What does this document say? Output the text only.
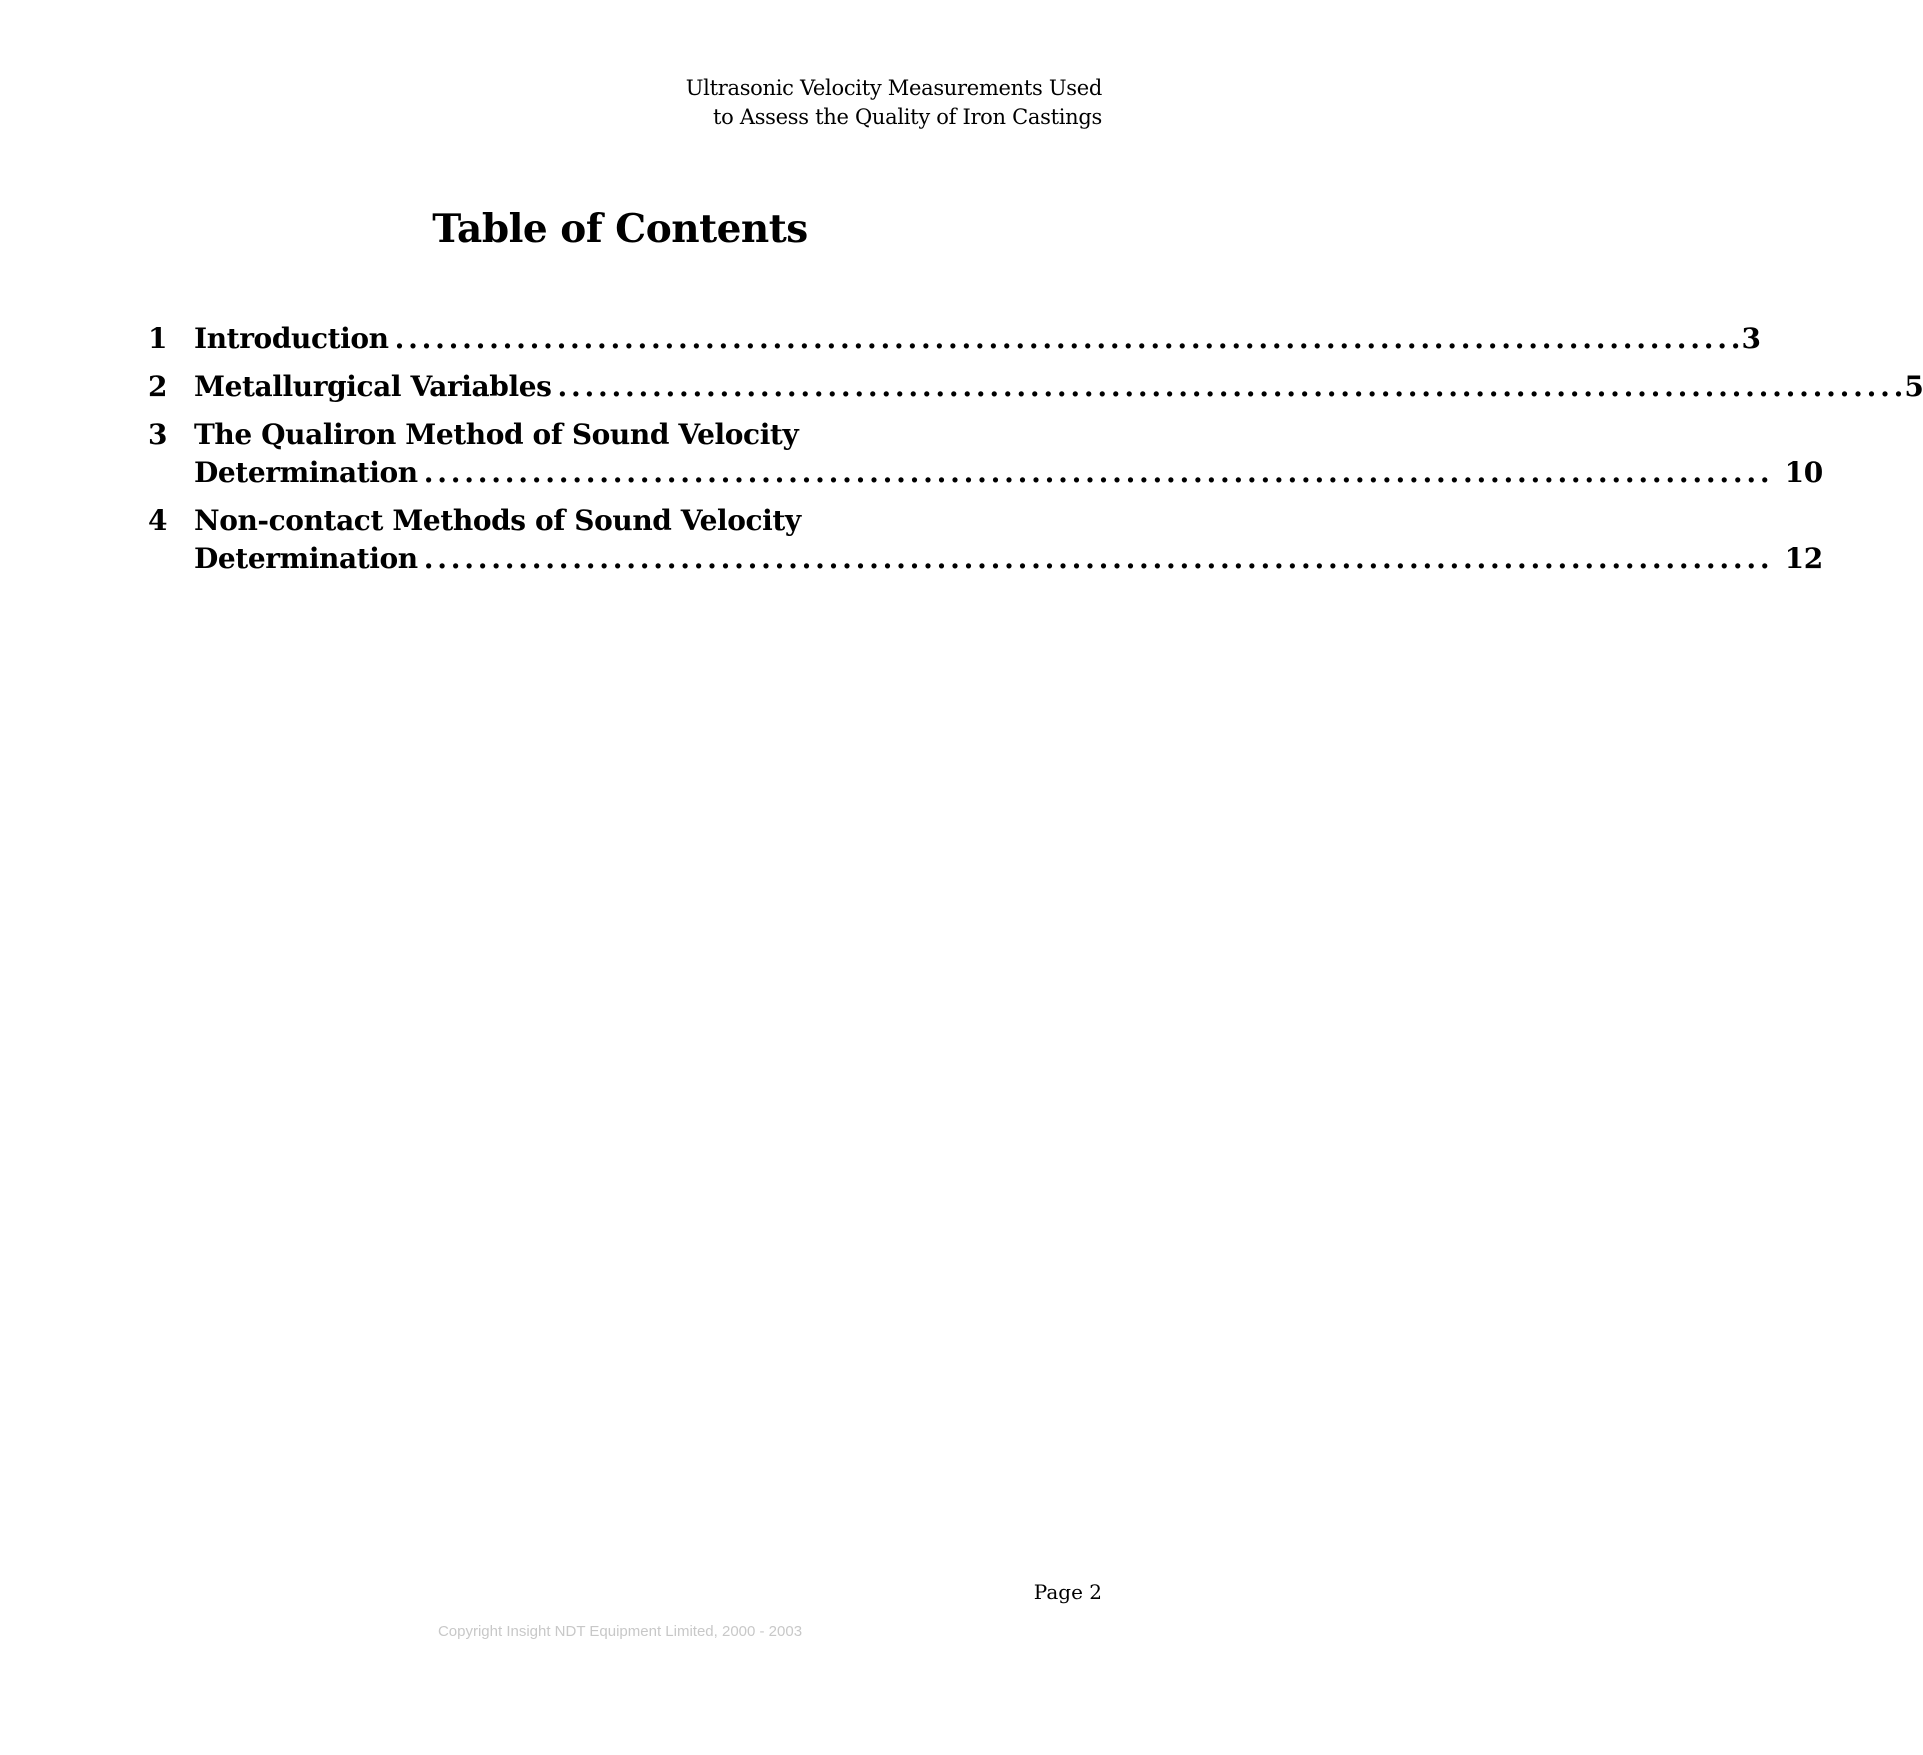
Ultrasonic Velocity Measurements Used
to Assess the Quality of Iron Castings
Table of Contents
1 Introduction . . .	3
2 Metallurgical Variables . . .	5
3 The Qualiron Method of Sound Velocity
Determination . . .	10
4 Non-contact Methods of Sound Velocity
Determination . . .	12
Page 2
Copyright Insight NDT Equipment Limited, 2000 - 2003
